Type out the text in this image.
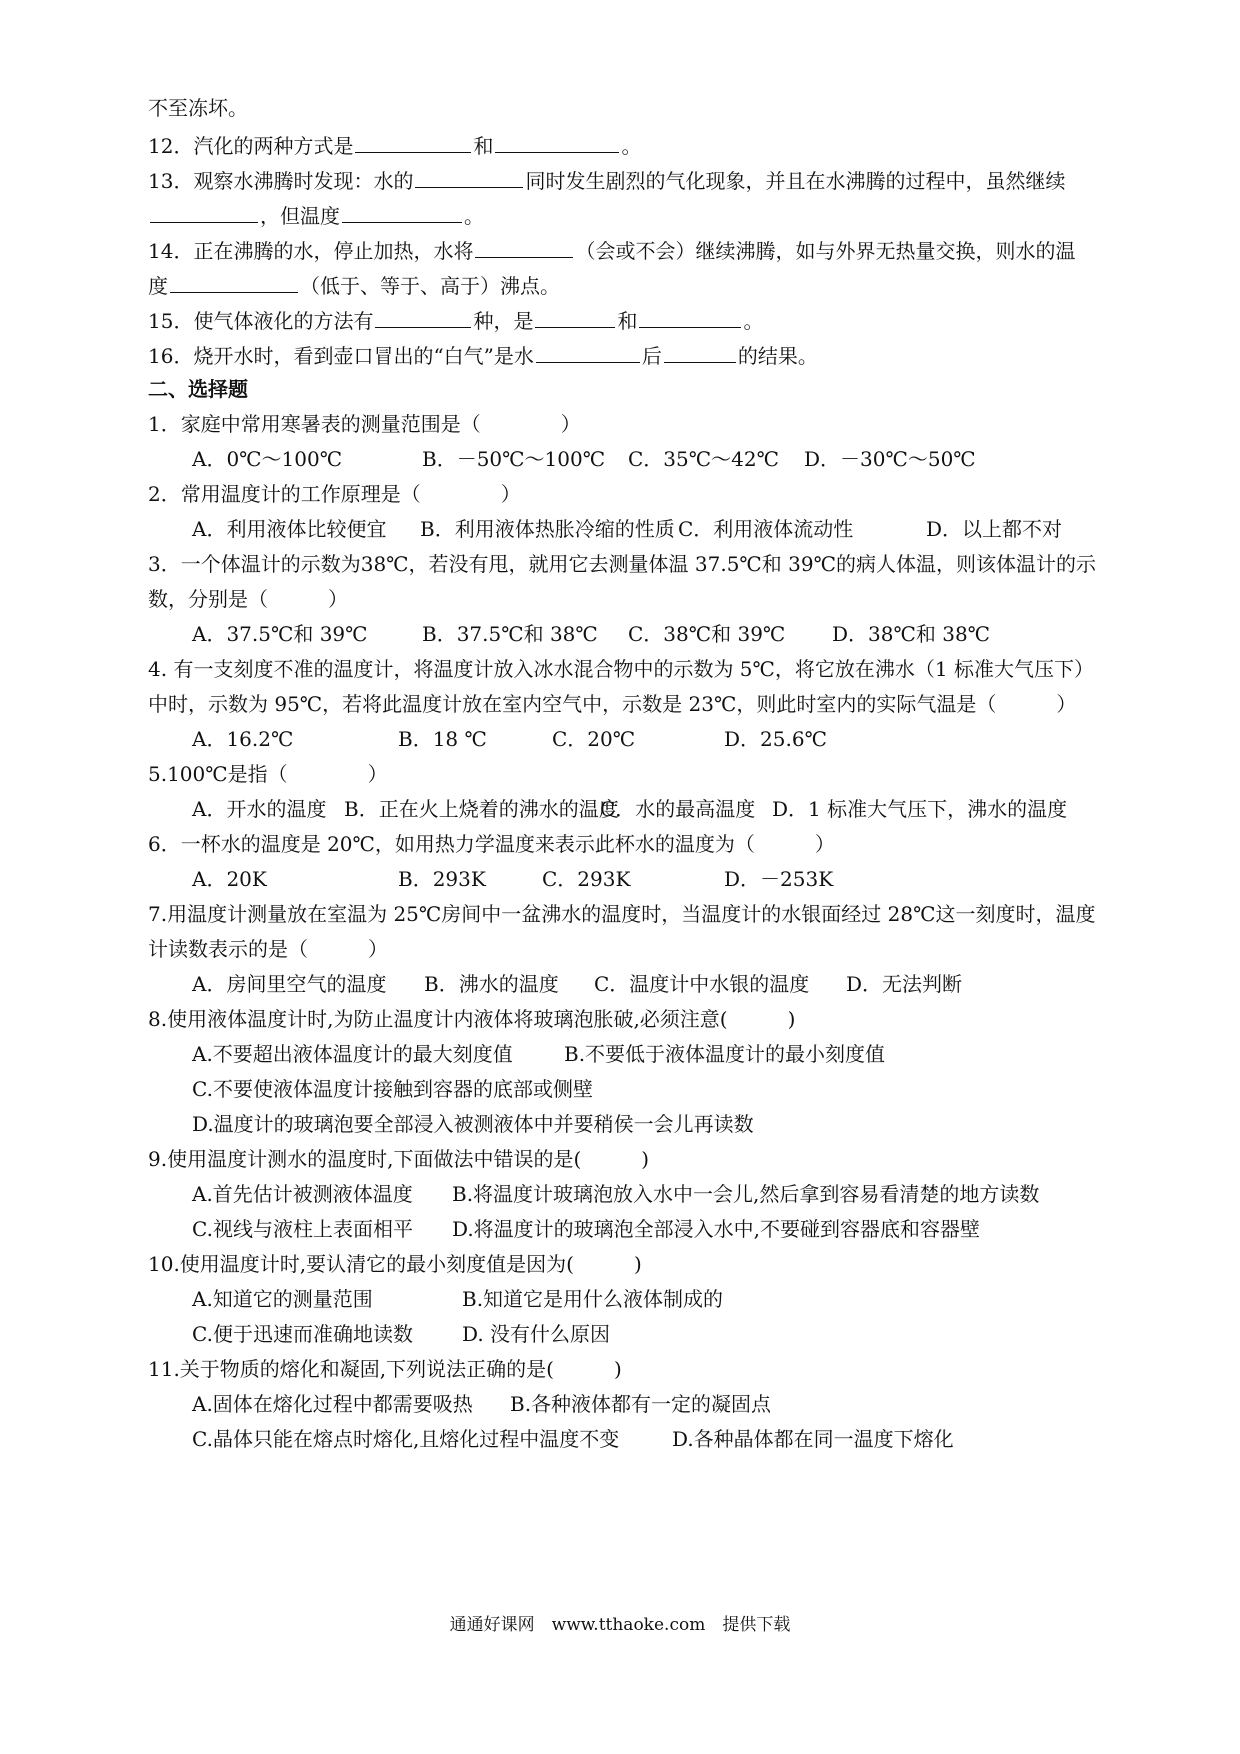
不至冻坏。
12．汽化的两种方式是	和	。
13．观察水沸腾时发现：水的	同时发生剧烈的气化现象，并且在水沸腾的过程中，虽然继续
，但温度	。
14．正在沸腾的水，停止加热，水将	（会或不会）继续沸腾，如与外界无热量交换，则水的温
度	（低于、等于、高于）沸点。
15．使气体液化的方法有	种，是	和	。
16．烧开水时，看到壶口冒出的“白气”是水	后	的结果。
二、选择题
1．家庭中常用寒暑表的测量范围是（　　　　）
A．0℃～100℃	B．－50℃～100℃ C．35℃～42℃ D．－30℃～50℃
2．常用温度计的工作原理是（　　　　）
A．利用液体比较便宜 B．利用液体热胀冷缩的性质 C．利用液体流动性	D．以上都不对
3．一个体温计的示数为38℃，若没有甩，就用它去测量体温 37.5℃和 39℃的病人体温，则该体温计的示
数，分别是（　　　）
A．37.5℃和 39℃	B．37.5℃和 38℃ C．38℃和 39℃ D．38℃和 38℃
4. 有一支刻度不准的温度计，将温度计放入冰水混合物中的示数为 5℃，将它放在沸水（1 标准大气压下）
中时，示数为 95℃，若将此温度计放在室内空气中，示数是 23℃，则此时室内的实际气温是（　　　）
A．16.2℃	B．18 ℃	C．20℃	D．25.6℃
5.100℃是指（　　　　）
A．开水的温度 B．正在火上烧着的沸水的温度
C．水的最高温度 D．1 标准大气压下，沸水的温度
6．一杯水的温度是 20℃，如用热力学温度来表示此杯水的温度为（　　　）
A．20K	B．293K	C．293K	D．－253K
7.用温度计测量放在室温为 25℃房间中一盆沸水的温度时，当温度计的水银面经过 28℃这一刻度时，温度
计读数表示的是（　　　）
A．房间里空气的温度 B．沸水的温度 C．温度计中水银的温度 D．无法判断
8.使用液体温度计时,为防止温度计内液体将玻璃泡胀破,必须注意(　　　)
A.不要超出液体温度计的最大刻度值	B.不要低于液体温度计的最小刻度值
C.不要使液体温度计接触到容器的底部或侧壁
D.温度计的玻璃泡要全部浸入被测液体中并要稍侯一会儿再读数
9.使用温度计测水的温度时,下面做法中错误的是(　　　)
A.首先估计被测液体温度 B.将温度计玻璃泡放入水中一会儿,然后拿到容易看清楚的地方读数
C.视线与液柱上表面相平 D.将温度计的玻璃泡全部浸入水中,不要碰到容器底和容器壁
10.使用温度计时,要认清它的最小刻度值是因为(　　　)
A.知道它的测量范围	B.知道它是用什么液体制成的
C.便于迅速而准确地读数 D. 没有什么原因
11.关于物质的熔化和凝固,下列说法正确的是(　　　)
A.固体在熔化过程中都需要吸热 B.各种液体都有一定的凝固点
C.晶体只能在熔点时熔化,且熔化过程中温度不变	D.各种晶体都在同一温度下熔化
通通好课网　www.tthaoke.com　提供下载
